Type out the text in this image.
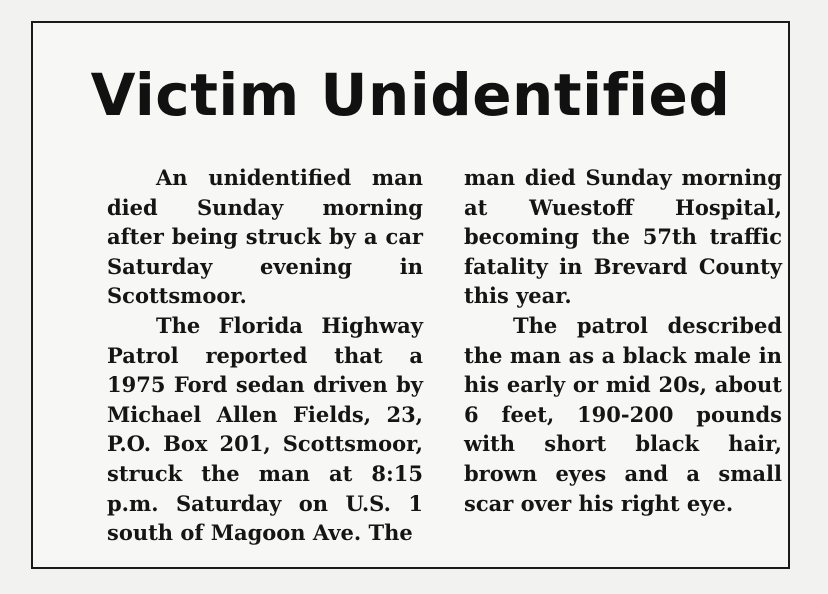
Victim Unidentified

An unidentified man died Sunday morning after being struck by a car Saturday evening in Scottsmoor.

The Florida Highway Patrol reported that a 1975 Ford sedan driven by Michael Allen Fields, 23, P.O. Box 201, Scottsmoor, struck the man at 8:15 p.m. Saturday on U.S. 1 south of Magoon Ave. The

man died Sunday morning at Wuestoff Hospital, becoming the 57th traffic fatality in Brevard County this year.

The patrol described the man as a black male in his early or mid 20s, about 6 feet, 190-200 pounds with short black hair, brown eyes and a small scar over his right eye.
